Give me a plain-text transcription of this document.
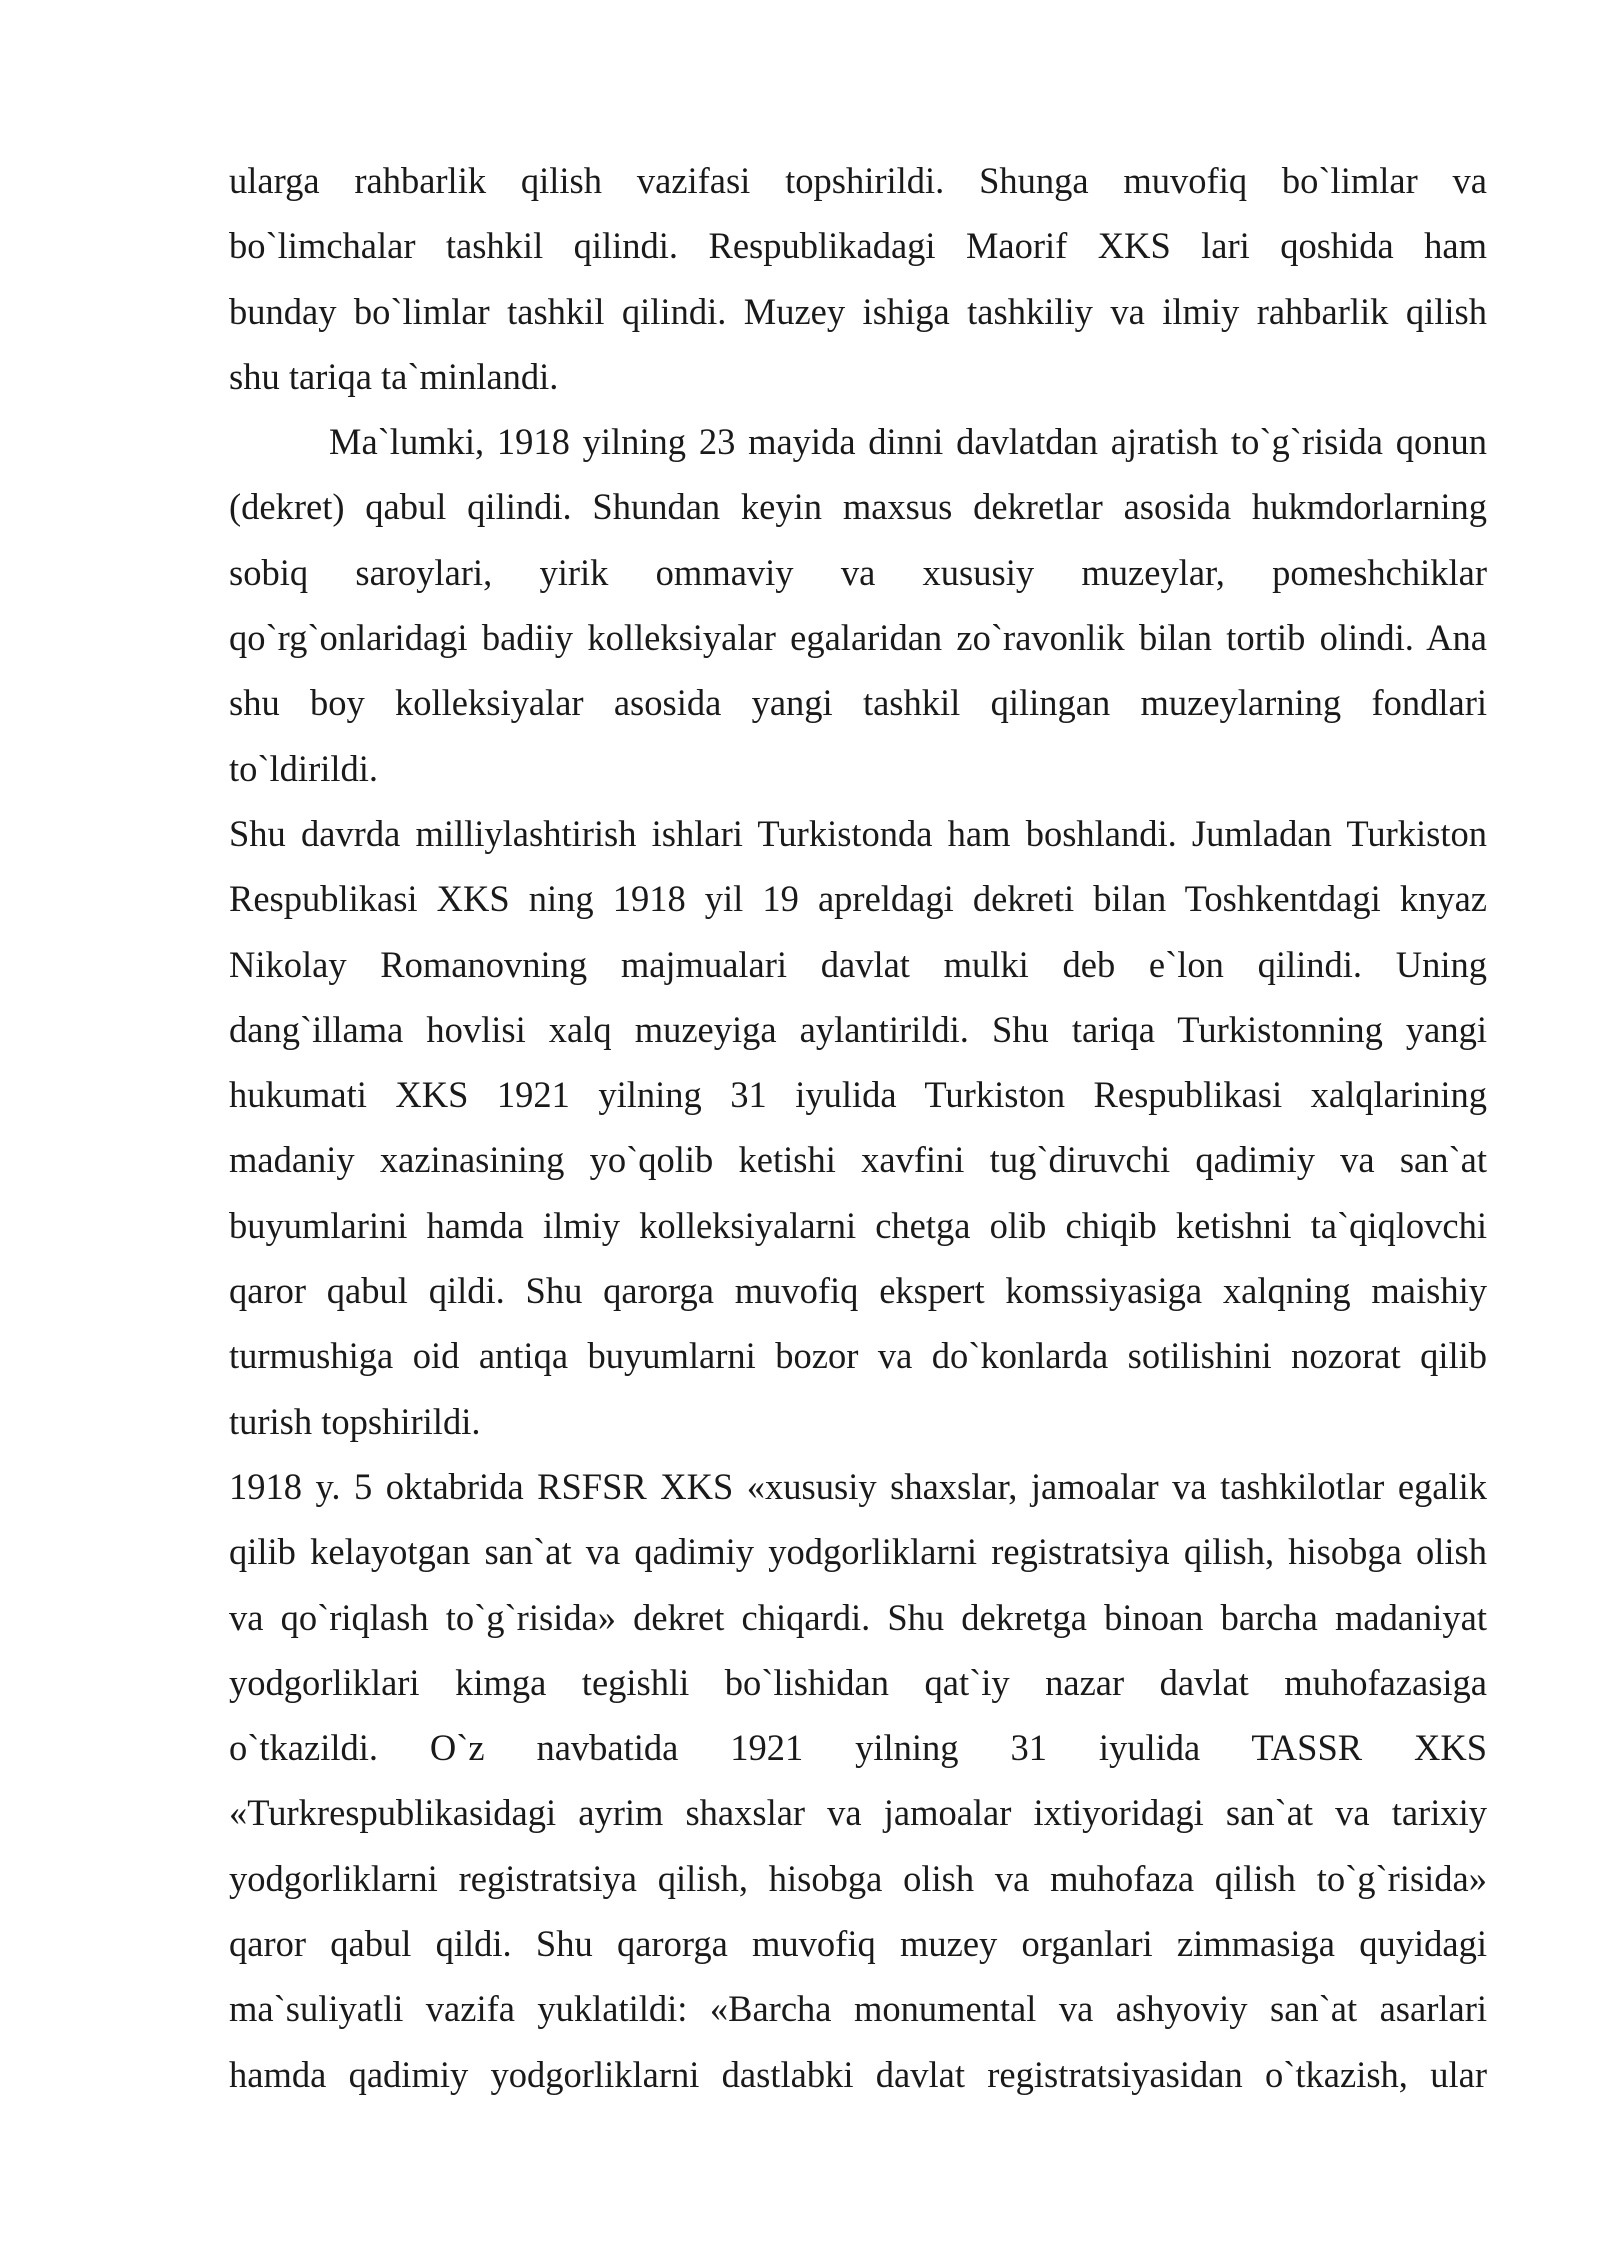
ularga rahbarlik qilish vazifasi topshirildi. Shunga muvofiq bo`limlar va
bo`limchalar tashkil qilindi. Respublikadagi Maorif XKS lari qoshida ham
bunday bo`limlar tashkil qilindi. Muzey ishiga tashkiliy va ilmiy rahbarlik qilish
shu tariqa ta`minlandi.
Ma`lumki, 1918 yilning 23 mayida dinni davlatdan ajratish to`g`risida qonun
(dekret) qabul qilindi. Shundan keyin maxsus dekretlar asosida hukmdorlarning
sobiq saroylari, yirik ommaviy va xususiy muzeylar, pomeshchiklar
qo`rg`onlaridagi badiiy kolleksiyalar egalaridan zo`ravonlik bilan tortib olindi. Ana
shu boy kolleksiyalar asosida yangi tashkil qilingan muzeylarning fondlari
to`ldirildi.
Shu davrda milliylashtirish ishlari Turkistonda ham boshlandi. Jumladan Turkiston
Respublikasi XKS ning 1918 yil 19 apreldagi dekreti bilan Toshkentdagi knyaz
Nikolay Romanovning majmualari davlat mulki deb e`lon qilindi. Uning
dang`illama hovlisi xalq muzeyiga aylantirildi. Shu tariqa Turkistonning yangi
hukumati XKS 1921 yilning 31 iyulida Turkiston Respublikasi xalqlarining
madaniy xazinasining yo`qolib ketishi xavfini tug`diruvchi qadimiy va san`at
buyumlarini hamda ilmiy kolleksiyalarni chetga olib chiqib ketishni ta`qiqlovchi
qaror qabul qildi. Shu qarorga muvofiq ekspert komssiyasiga xalqning maishiy
turmushiga oid antiqa buyumlarni bozor va do`konlarda sotilishini nozorat qilib
turish topshirildi.
1918 y. 5 oktabrida RSFSR XKS «xususiy shaxslar, jamoalar va tashkilotlar egalik
qilib kelayotgan san`at va qadimiy yodgorliklarni registratsiya qilish, hisobga olish
va qo`riqlash to`g`risida» dekret chiqardi. Shu dekretga binoan barcha madaniyat
yodgorliklari kimga tegishli bo`lishidan qat`iy nazar davlat muhofazasiga
o`tkazildi. O`z navbatida 1921 yilning 31 iyulida TASSR XKS
«Turkrespublikasidagi ayrim shaxslar va jamoalar ixtiyoridagi san`at va tarixiy
yodgorliklarni registratsiya qilish, hisobga olish va muhofaza qilish to`g`risida»
qaror qabul qildi. Shu qarorga muvofiq muzey organlari zimmasiga quyidagi
ma`suliyatli vazifa yuklatildi: «Barcha monumental va ashyoviy san`at asarlari
hamda qadimiy yodgorliklarni dastlabki davlat registratsiyasidan o`tkazish, ular
